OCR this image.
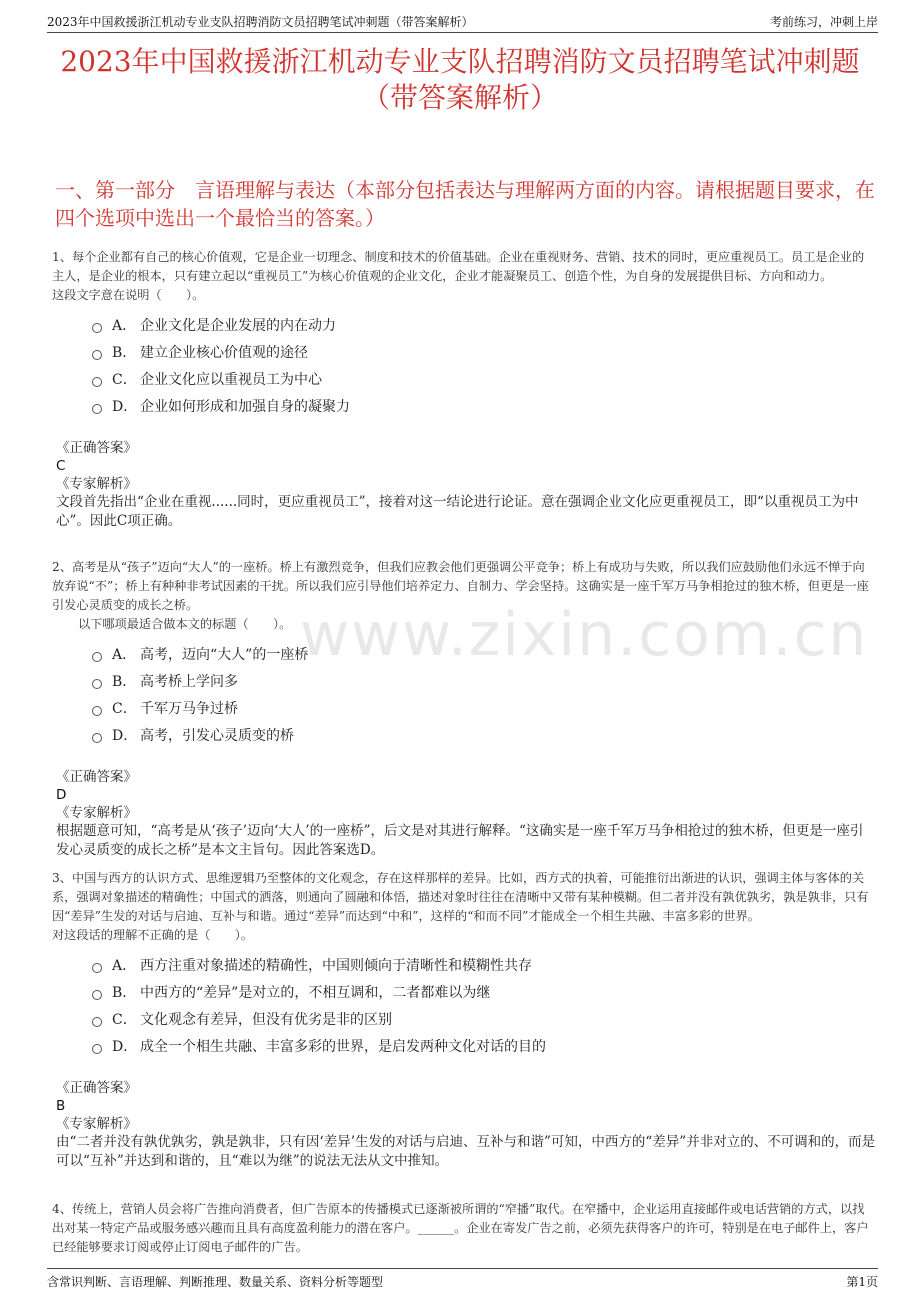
2023年中国救援浙江机动专业支队招聘消防文员招聘笔试冲刺题（带答案解析）	考前练习，冲刺上岸
2023年中国救援浙江机动专业支队招聘消防文员招聘笔试冲刺题（带答案解析）
一、第一部分　言语理解与表达（本部分包括表达与理解两方面的内容。请根据题目要求，在四个选项中选出一个最恰当的答案。）

1、每个企业都有自己的核心价值观，它是企业一切理念、制度和技术的价值基础。企业在重视财务、营销、技术的同时，更应重视员工。员工是企业的主人，是企业的根本，只有建立起以“重视员工”为核心价值观的企业文化，企业才能凝聚员工、创造个性，为自身的发展提供目标、方向和动力。

这段文字意在说明（　　）。

A． 企业文化是企业发展的内在动力
B． 建立企业核心价值观的途径
C． 企业文化应以重视员工为中心
D． 企业如何形成和加强自身的凝聚力
《正确答案》
C
《专家解析》
文段首先指出“企业在重视......同时，更应重视员工”，接着对这一结论进行论证。意在强调企业文化应更重视员工，即“以重视员工为中心”。因此C项正确。

2、高考是从“孩子”迈向“大人”的一座桥。桥上有激烈竞争，但我们应教会他们更强调公平竞争；桥上有成功与失败，所以我们应鼓励他们永远不惮于向放弃说“不”；桥上有种种非考试因素的干扰。所以我们应引导他们培养定力、自制力、学会坚持。这确实是一座千军万马争相抢过的独木桥，但更是一座引发心灵质变的成长之桥。

以下哪项最适合做本文的标题（　　）。

A． 高考，迈向“大人”的一座桥
B． 高考桥上学问多
C． 千军万马争过桥
D． 高考，引发心灵质变的桥
《正确答案》
D
《专家解析》
根据题意可知，“高考是从‘孩子’迈向‘大人’的一座桥”，后文是对其进行解释。“这确实是一座千军万马争相抢过的独木桥，但更是一座引发心灵质变的成长之桥”是本文主旨句。因此答案选D。

3、中国与西方的认识方式、思维逻辑乃至整体的文化观念，存在这样那样的差异。比如，西方式的执着，可能推衍出渐进的认识，强调主体与客体的关系，强调对象描述的精确性；中国式的洒落，则通向了圆融和体悟，描述对象时往往在清晰中又带有某种模糊。但二者并没有孰优孰劣，孰是孰非，只有因“差异”生发的对话与启迪、互补与和谐。通过“差异”而达到“中和”，这样的“和而不同”才能成全一个相生共融、丰富多彩的世界。

对这段话的理解不正确的是（　　）。

A． 西方注重对象描述的精确性，中国则倾向于清晰性和模糊性共存
B． 中西方的“差异”是对立的，不相互调和，二者都难以为继
C． 文化观念有差异，但没有优劣是非的区别
D． 成全一个相生共融、丰富多彩的世界，是启发两种文化对话的目的
《正确答案》
B
《专家解析》
由“二者并没有孰优孰劣，孰是孰非，只有因‘差异’生发的对话与启迪、互补与和谐”可知，中西方的“差异”并非对立的、不可调和的，而是可以“互补”并达到和谐的，且“难以为继”的说法无法从文中推知。

4、传统上，营销人员会将广告推向消费者，但广告原本的传播模式已逐渐被所谓的“窄播”取代。在窄播中，企业运用直接邮件或电话营销的方式，以找出对某一特定产品或服务感兴趣而且具有高度盈利能力的潜在客户。______。企业在寄发广告之前，必须先获得客户的许可，特别是在电子邮件上，客户已经能够要求订阅或停止订阅电子邮件的广告。

www.zixin.com.cn
含常识判断、言语理解、判断推理、数量关系、资料分析等题型	第1页
